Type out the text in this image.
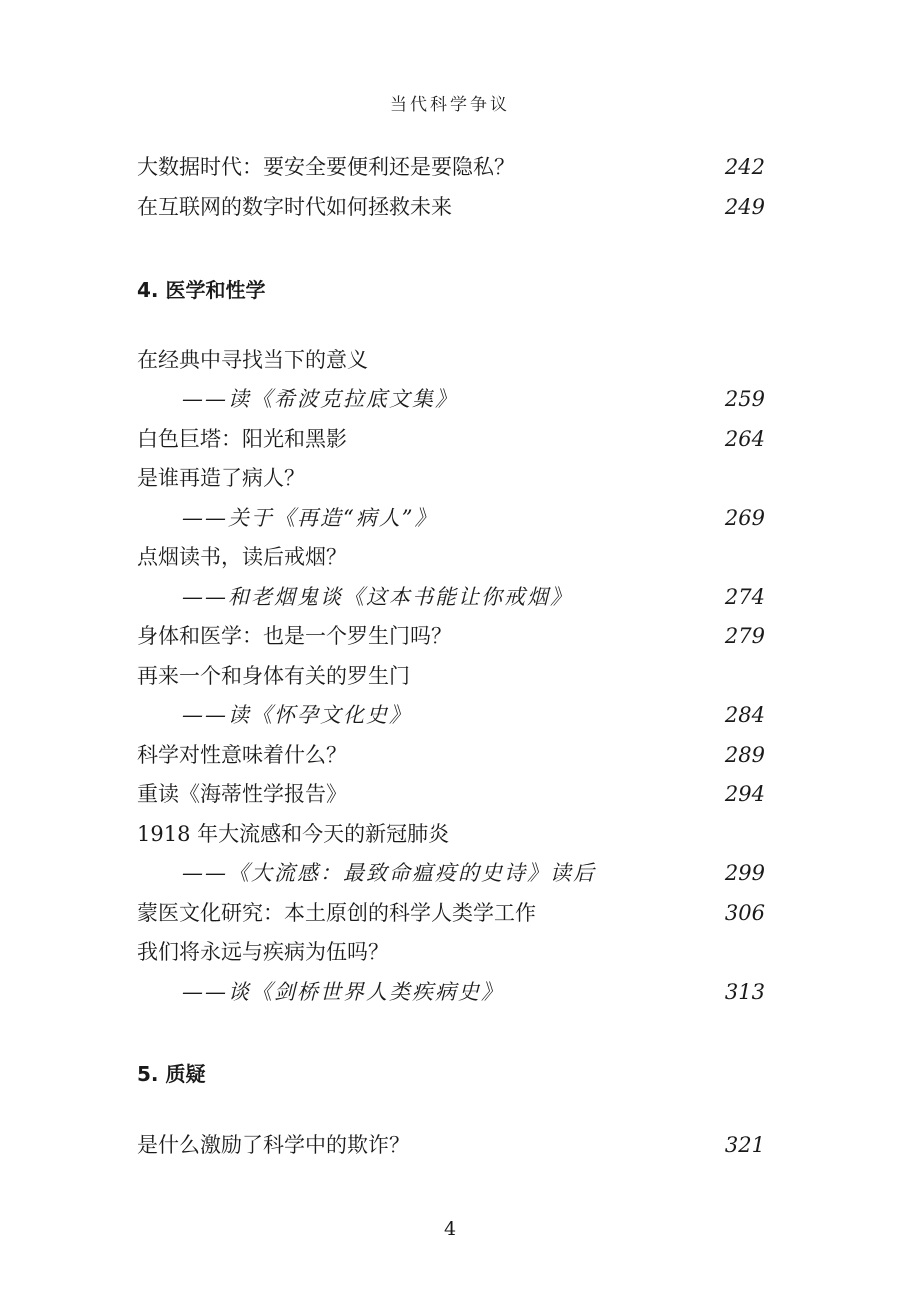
当代科学争议
大数据时代：要安全要便利还是要隐私？	242
在互联网的数字时代如何拯救未来	249
4. 医学和性学
在经典中寻找当下的意义
——读《希波克拉底文集》	259
白色巨塔：阳光和黑影	264
是谁再造了病人？
——关于《再造“病人”》	269
点烟读书，读后戒烟？
——和老烟鬼谈《这本书能让你戒烟》	274
身体和医学：也是一个罗生门吗？	279
再来一个和身体有关的罗生门
——读《怀孕文化史》	284
科学对性意味着什么？	289
重读《海蒂性学报告》	294
1918 年大流感和今天的新冠肺炎
——《大流感：最致命瘟疫的史诗》读后	299
蒙医文化研究：本土原创的科学人类学工作	306
我们将永远与疾病为伍吗？
——谈《剑桥世界人类疾病史》	313
5. 质疑
是什么激励了科学中的欺诈？	321
4
